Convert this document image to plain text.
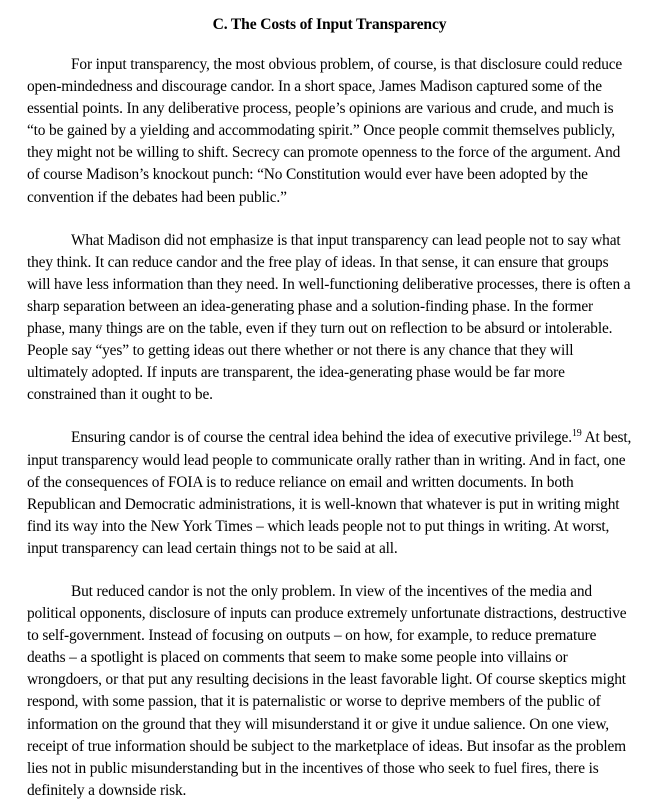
C. The Costs of Input Transparency

For input transparency, the most obvious problem, of course, is that disclosure could reduce open-mindedness and discourage candor. In a short space, James Madison captured some of the essential points. In any deliberative process, people’s opinions are various and crude, and much is “to be gained by a yielding and accommodating spirit.” Once people commit themselves publicly, they might not be willing to shift. Secrecy can promote openness to the force of the argument. And of course Madison’s knockout punch: “No Constitution would ever have been adopted by the convention if the debates had been public.”

What Madison did not emphasize is that input transparency can lead people not to say what they think. It can reduce candor and the free play of ideas. In that sense, it can ensure that groups will have less information than they need. In well-functioning deliberative processes, there is often a sharp separation between an idea-generating phase and a solution-finding phase. In the former phase, many things are on the table, even if they turn out on reflection to be absurd or intolerable. People say “yes” to getting ideas out there whether or not there is any chance that they will ultimately adopted. If inputs are transparent, the idea-generating phase would be far more constrained than it ought to be.

Ensuring candor is of course the central idea behind the idea of executive privilege.$^{19}$ At best, input transparency would lead people to communicate orally rather than in writing. And in fact, one of the consequences of FOIA is to reduce reliance on email and written documents. In both Republican and Democratic administrations, it is well-known that whatever is put in writing might find its way into the New York Times – which leads people not to put things in writing. At worst, input transparency can lead certain things not to be said at all.

But reduced candor is not the only problem. In view of the incentives of the media and political opponents, disclosure of inputs can produce extremely unfortunate distractions, destructive to self-government. Instead of focusing on outputs – on how, for example, to reduce premature deaths – a spotlight is placed on comments that seem to make some people into villains or wrongdoers, or that put any resulting decisions in the least favorable light. Of course skeptics might respond, with some passion, that it is paternalistic or worse to deprive members of the public of information on the ground that they will misunderstand it or give it undue salience. On one view, receipt of true information should be subject to the marketplace of ideas. But insofar as the problem lies not in public misunderstanding but in the incentives of those who seek to fuel fires, there is definitely a downside risk.
